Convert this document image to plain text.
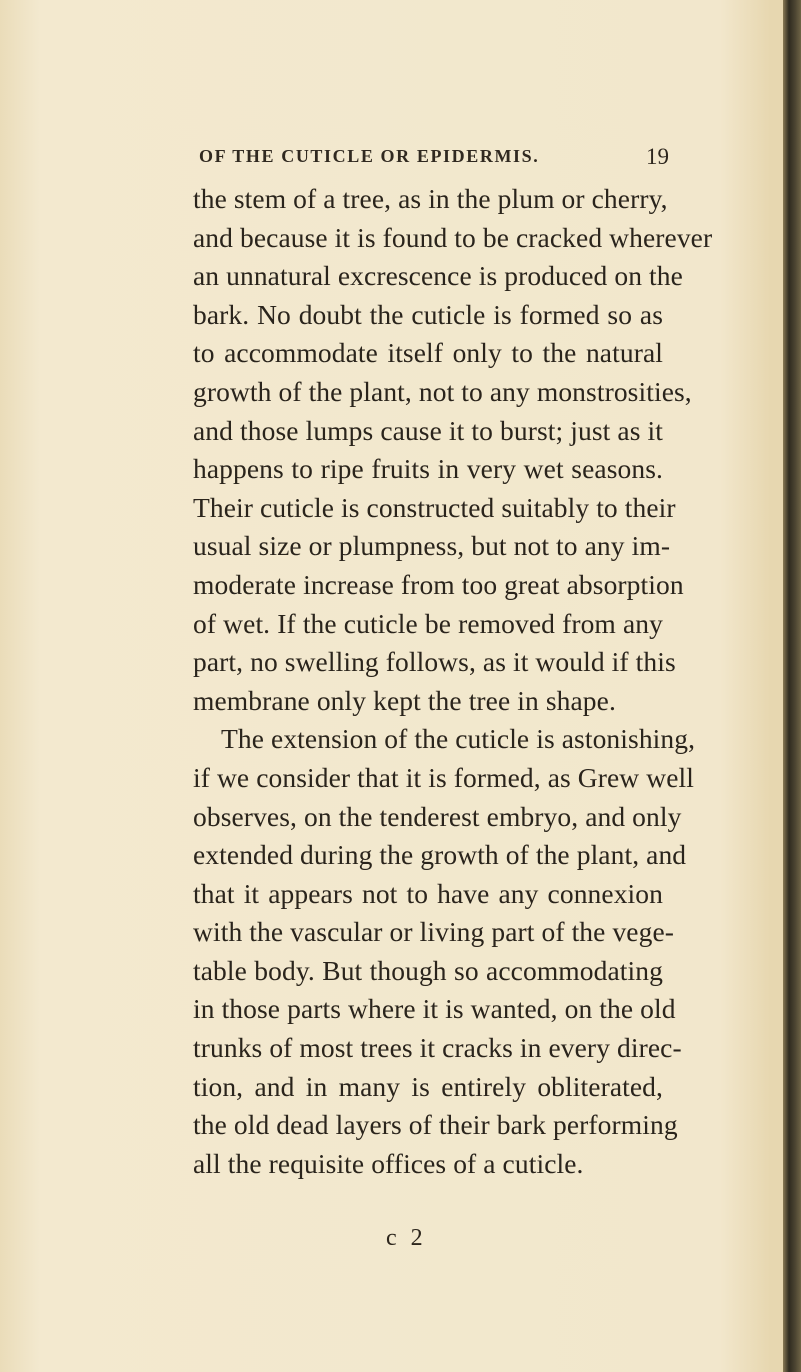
OF THE CUTICLE OR EPIDERMIS.	19
the stem of a tree, as in the plum or cherry,
and because it is found to be cracked wherever
an unnatural excrescence is produced on the
bark. No doubt the cuticle is formed so as
to accommodate itself only to the natural
growth of the plant, not to any monstrosities,
and those lumps cause it to burst; just as it
happens to ripe fruits in very wet seasons.
Their cuticle is constructed suitably to their
usual size or plumpness, but not to any im-
moderate increase from too great absorption
of wet. If the cuticle be removed from any
part, no swelling follows, as it would if this
membrane only kept the tree in shape.
The extension of the cuticle is astonishing,
if we consider that it is formed, as Grew well
observes, on the tenderest embryo, and only
extended during the growth of the plant, and
that it appears not to have any connexion
with the vascular or living part of the vege-
table body. But though so accommodating
in those parts where it is wanted, on the old
trunks of most trees it cracks in every direc-
tion, and in many is entirely obliterated,
the old dead layers of their bark performing
all the requisite offices of a cuticle.
c 2
